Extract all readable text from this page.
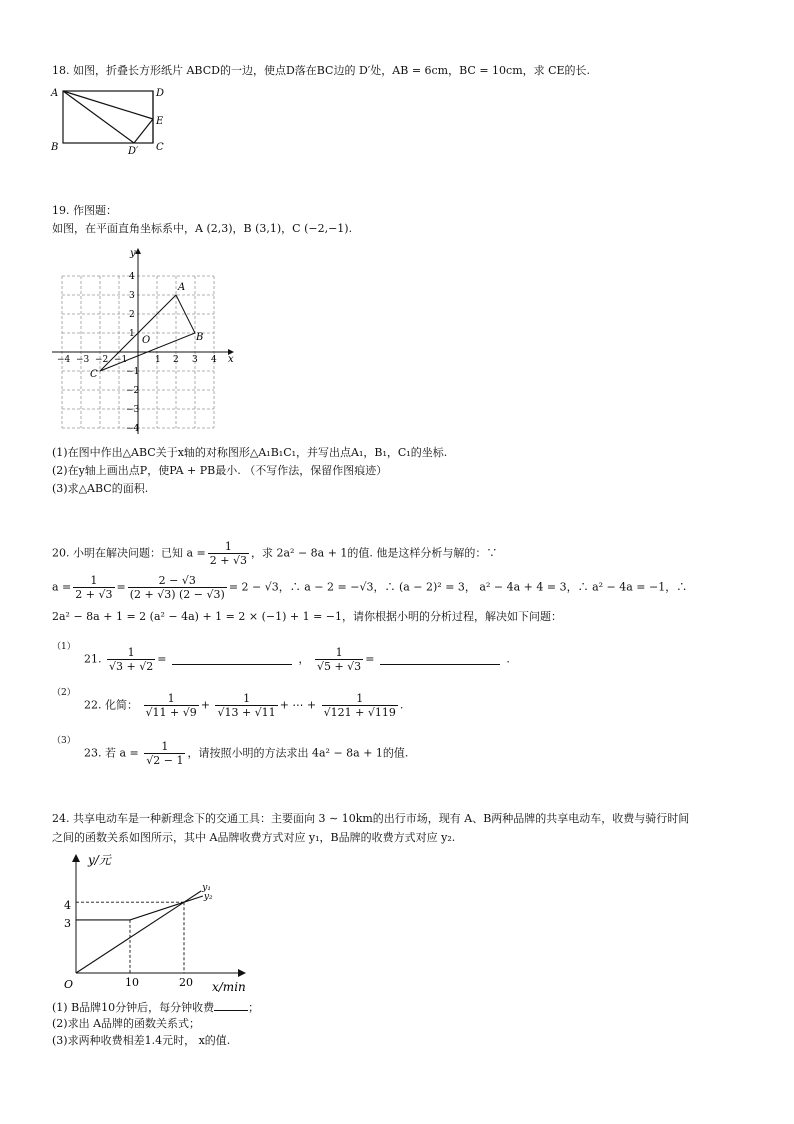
18. 如图，折叠长方形纸片 ABCD的一边，使点D落在BC边的 D′处，AB = 6cm，BC = 10cm，求 CE的长.
A	D
B	C
E
D′
19. 作图题：
如图，在平面直角坐标系中，A (2,3)，B (3,1)，C (−2,−1).
y
x
O
−4 −3 −2 −1	1 2 3 4
4
3
2
1
−1
−2
−3
−4
A
B
C
(1)在图中作出△ABC关于x轴的对称图形△A₁B₁C₁，并写出点A₁，B₁，C₁的坐标.
(2)在y轴上画出点P，使PA + PB最小. （不写作法，保留作图痕迹）
(3)求△ABC的面积.
20. 小明在解决问题：已知 $a = \frac{1}{2 + √3}$ ，求 2a² − 8a + 1的值. 他是这样分析与解的：∵
$a = \frac{1}{2 + √3} = \frac{2 - √3}{(2 + √3) (2 - √3)} = 2 - √3$，∴ a − 2 = −√3，∴ (a − 2)² = 3， a² − 4a + 4 = 3，∴ a² − 4a = −1，∴
2a² − 8a + 1 = 2 (a² − 4a) + 1 = 2 × (−1) + 1 = −1，请你根据小明的分析过程，解决如下问题：
（1）
21. $\frac{1}{√3 + √2}$ =	， $\frac{1}{√5 + √3}$ =	.
（2）
22. 化简： $\frac{1}{√11 + √9} + \frac{1}{√13 + √11}$ + ⋯ + $\frac{1}{√121 + √119}$ .
（3）
23. 若 $a = \frac{1}{√2 - 1}$ ，请按照小明的方法求出 4a² − 8a + 1的值.
24. 共享电动车是一种新理念下的交通工具：主要面向 3 ∼ 10km的出行市场，现有 A、B两种品牌的共享电动车，收费与骑行时间
之间的函数关系如图所示，其中 A品牌收费方式对应 y₁，B品牌的收费方式对应 y₂.
y/元
x/min
O	10	20
3
4
y₁
y₂
(1) B品牌10分钟后，每分钟收费	；
(2)求出 A品牌的函数关系式；
(3)求两种收费相差1.4元时， x的值.
